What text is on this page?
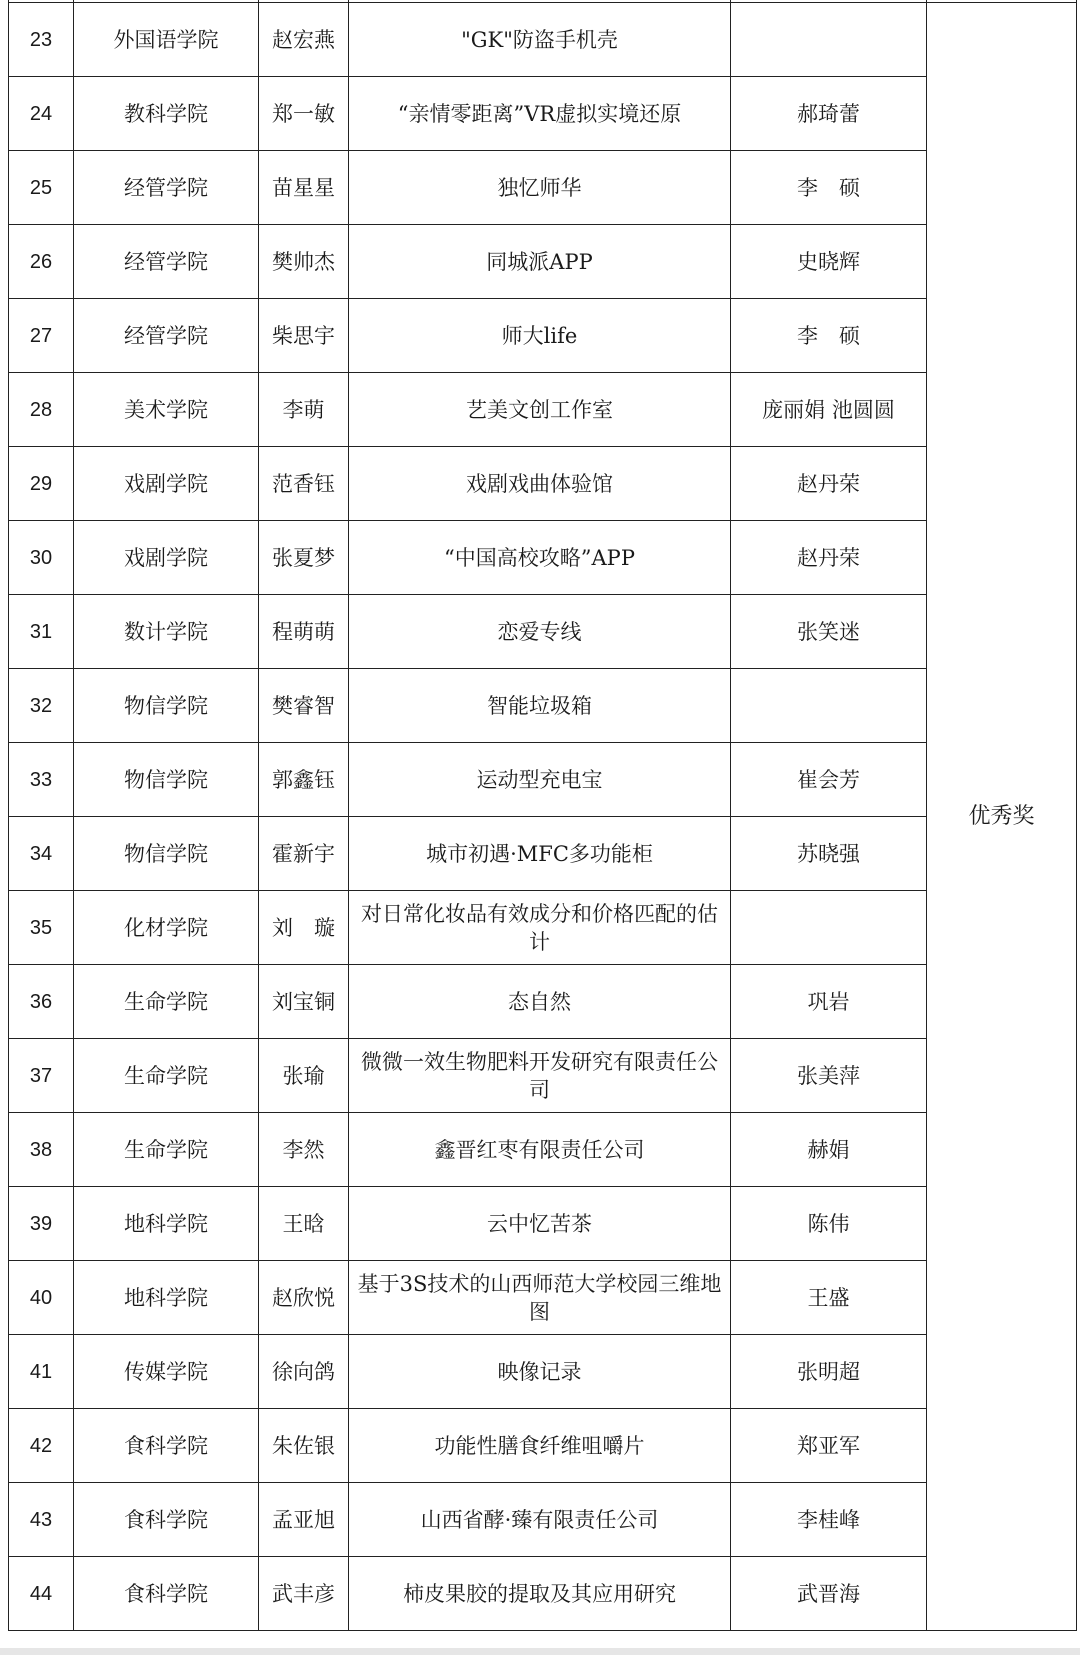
23	外国语学院	赵宏燕	"GK"防盗手机壳		优秀奖
24	教科学院	郑一敏	“亲情零距离”VR虚拟实境还原	郝琦蕾	
25	经管学院	苗星星	独忆师华	李　硕	
26	经管学院	樊帅杰	同城派APP	史晓辉	
27	经管学院	柴思宇	师大life	李　硕	
28	美术学院	李萌	艺美文创工作室	庞丽娟 池圆圆	
29	戏剧学院	范香钰	戏剧戏曲体验馆	赵丹荣	
30	戏剧学院	张夏梦	“中国高校攻略”APP	赵丹荣	
31	数计学院	程萌萌	恋爱专线	张笑迷	
32	物信学院	樊睿智	智能垃圾箱		
33	物信学院	郭鑫钰	运动型充电宝	崔会芳	
34	物信学院	霍新宇	城市初遇·MFC多功能柜	苏晓强	
35	化材学院	刘　璇	对日常化妆品有效成分和价格匹配的估计		
36	生命学院	刘宝铜	态自然	巩岩	
37	生命学院	张瑜	微微一效生物肥料开发研究有限责任公司	张美萍	
38	生命学院	李然	鑫晋红枣有限责任公司	赫娟	
39	地科学院	王晗	云中忆苦茶	陈伟	
40	地科学院	赵欣悦	基于3S技术的山西师范大学校园三维地图	王盛	
41	传媒学院	徐向鸽	映像记录	张明超	
42	食科学院	朱佐银	功能性膳食纤维咀嚼片	郑亚军	
43	食科学院	孟亚旭	山西省酵·臻有限责任公司	李桂峰	
44	食科学院	武丰彦	柿皮果胶的提取及其应用研究	武晋海	
